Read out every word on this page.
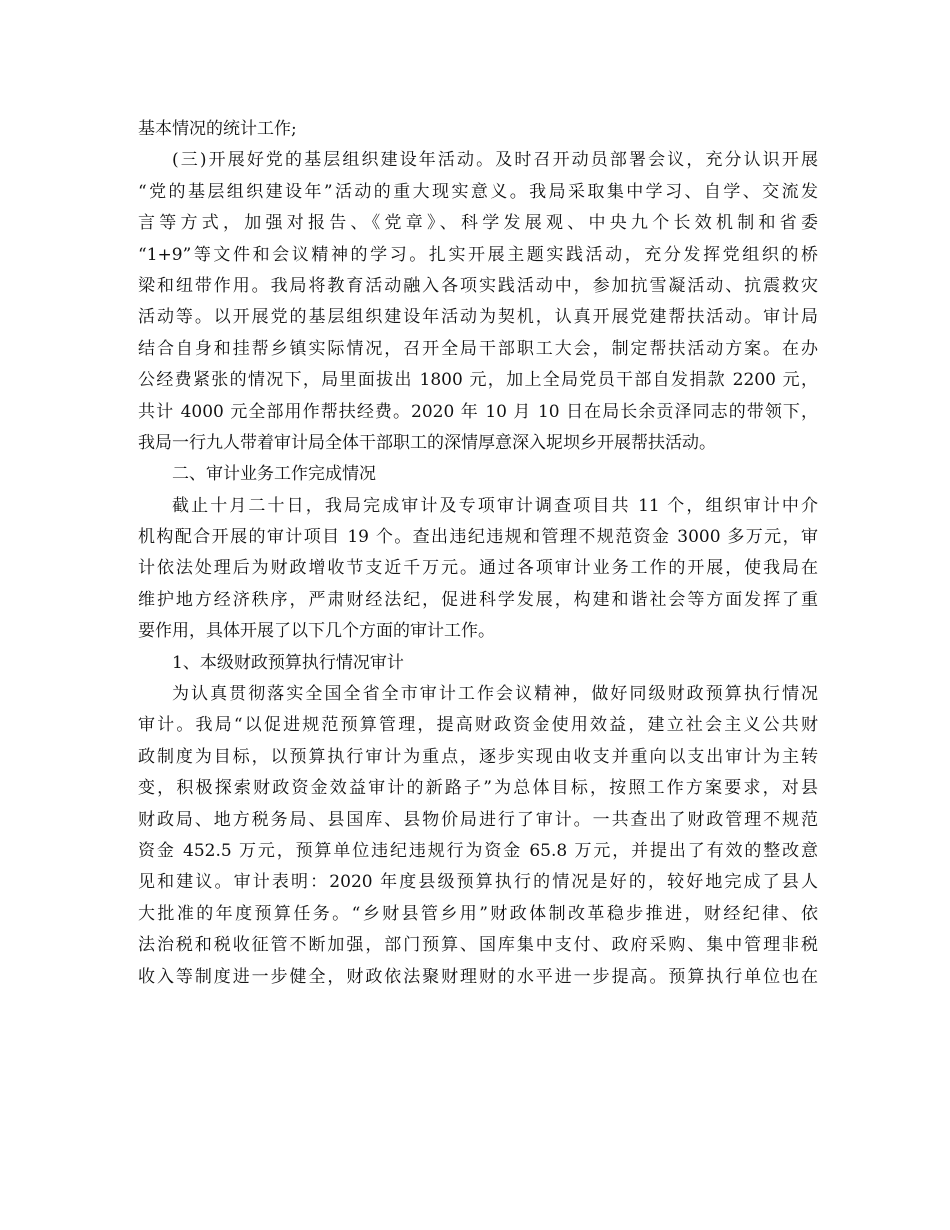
基本情况的统计工作;
(三)开展好党的基层组织建设年活动。及时召开动员部署会议，充分认识开展
“党的基层组织建设年”活动的重大现实意义。我局采取集中学习、自学、交流发
言等方式，加强对报告、《党章》、科学发展观、中央九个长效机制和省委
“1+9”等文件和会议精神的学习。扎实开展主题实践活动，充分发挥党组织的桥
梁和纽带作用。我局将教育活动融入各项实践活动中，参加抗雪凝活动、抗震救灾
活动等。以开展党的基层组织建设年活动为契机，认真开展党建帮扶活动。审计局
结合自身和挂帮乡镇实际情况，召开全局干部职工大会，制定帮扶活动方案。在办
公经费紧张的情况下，局里面拔出 1800 元，加上全局党员干部自发捐款 2200 元，
共计 4000 元全部用作帮扶经费。2020 年 10 月 10 日在局长余贡泽同志的带领下，
我局一行九人带着审计局全体干部职工的深情厚意深入坭坝乡开展帮扶活动。
二、审计业务工作完成情况
截止十月二十日，我局完成审计及专项审计调查项目共 11 个，组织审计中介
机构配合开展的审计项目 19 个。查出违纪违规和管理不规范资金 3000 多万元，审
计依法处理后为财政增收节支近千万元。通过各项审计业务工作的开展，使我局在
维护地方经济秩序，严肃财经法纪，促进科学发展，构建和谐社会等方面发挥了重
要作用，具体开展了以下几个方面的审计工作。
1、本级财政预算执行情况审计
为认真贯彻落实全国全省全市审计工作会议精神，做好同级财政预算执行情况
审计。我局“以促进规范预算管理，提高财政资金使用效益，建立社会主义公共财
政制度为目标，以预算执行审计为重点，逐步实现由收支并重向以支出审计为主转
变，积极探索财政资金效益审计的新路子”为总体目标，按照工作方案要求，对县
财政局、地方税务局、县国库、县物价局进行了审计。一共查出了财政管理不规范
资金 452.5 万元，预算单位违纪违规行为资金 65.8 万元，并提出了有效的整改意
见和建议。审计表明：2020 年度县级预算执行的情况是好的，较好地完成了县人
大批准的年度预算任务。“乡财县管乡用”财政体制改革稳步推进，财经纪律、依
法治税和税收征管不断加强，部门预算、国库集中支付、政府采购、集中管理非税
收入等制度进一步健全，财政依法聚财理财的水平进一步提高。预算执行单位也在
